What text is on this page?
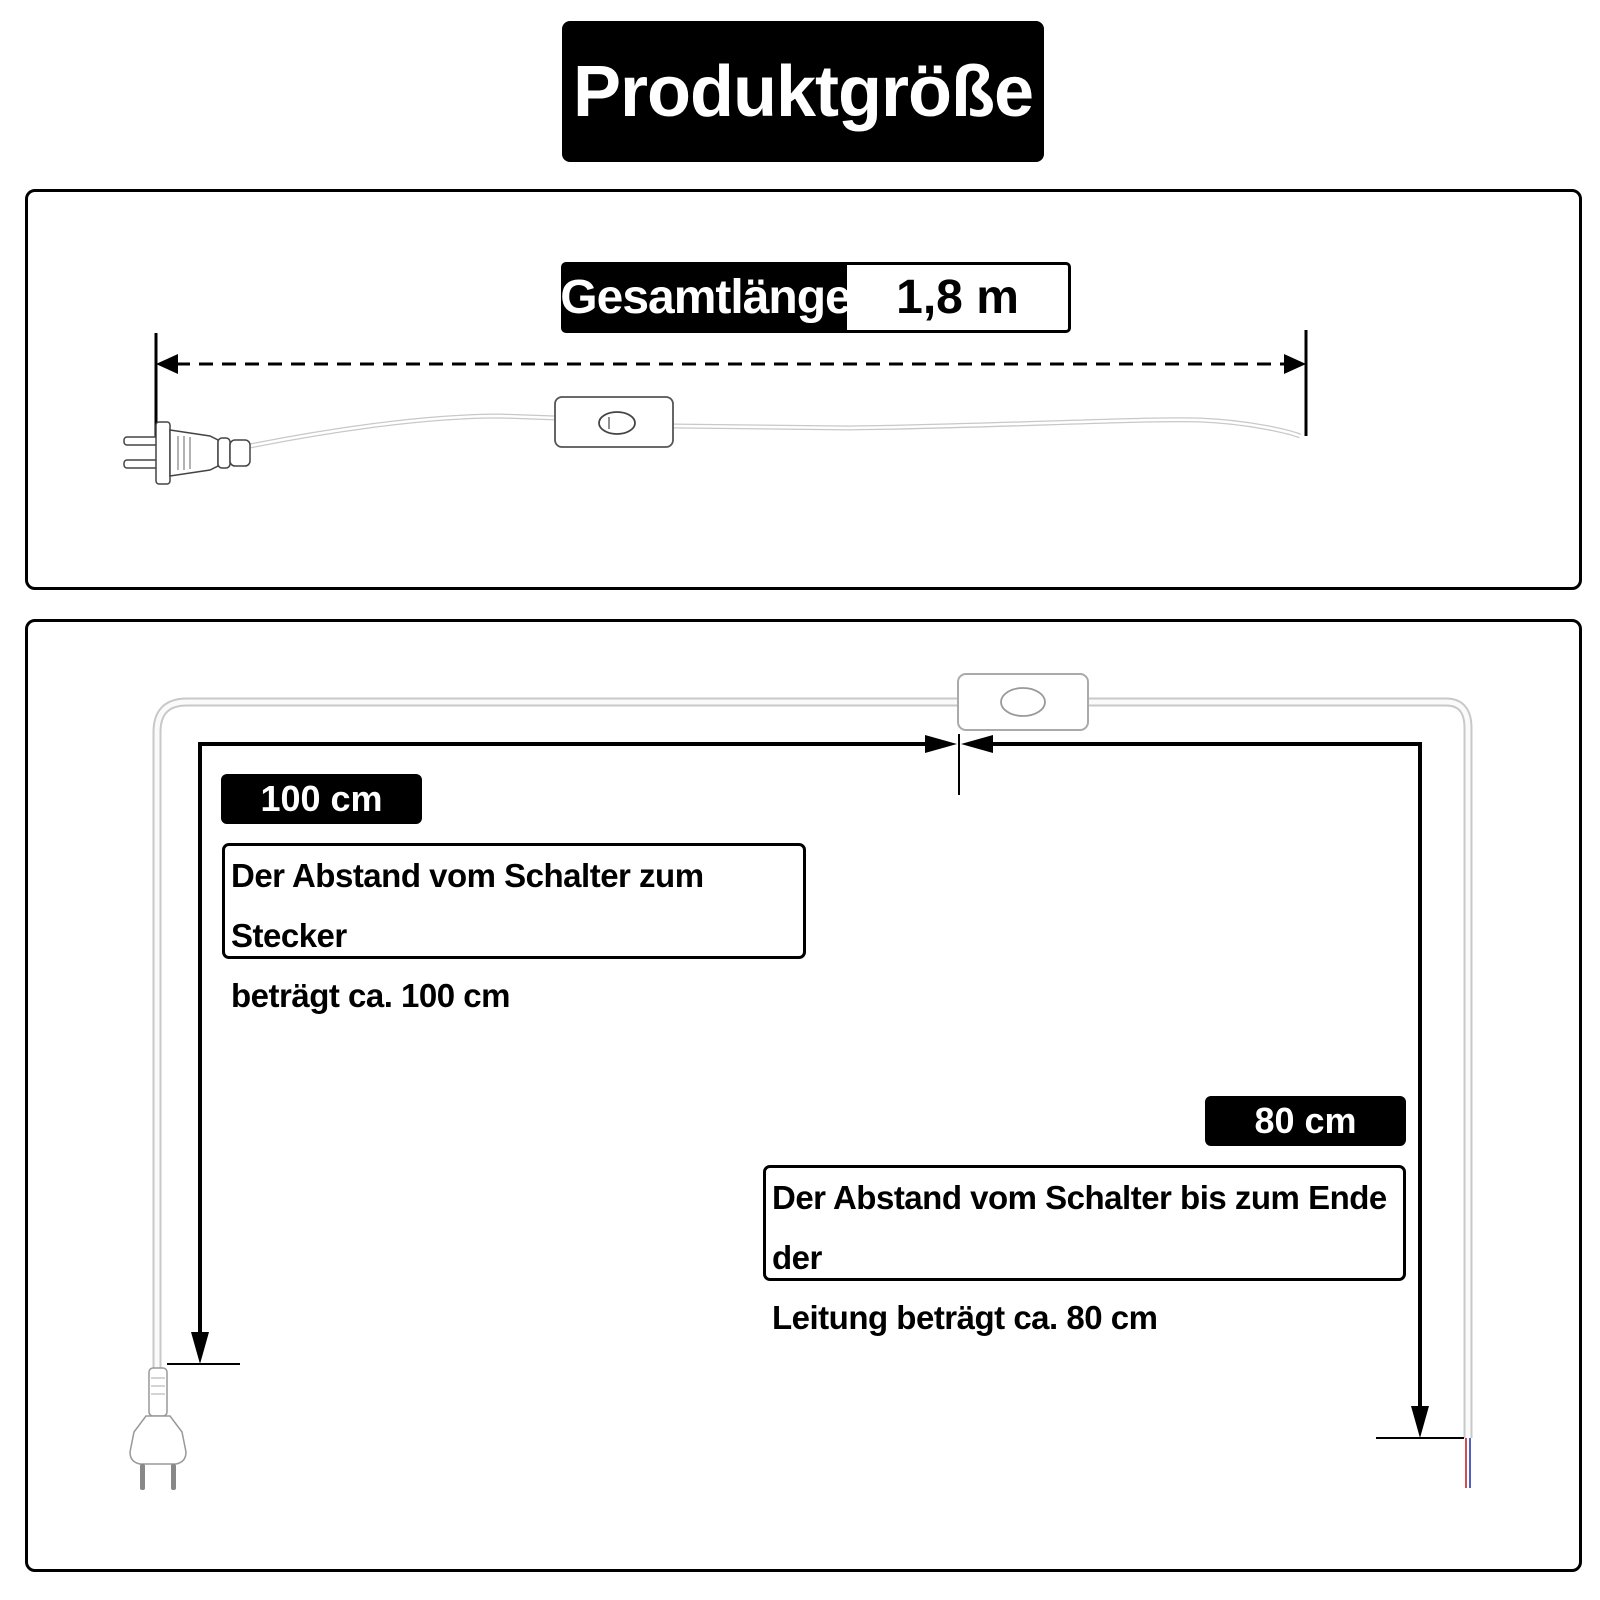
Produktgröße
Gesamtlänge 1,8 m
100 cm
Der Abstand vom Schalter zum Stecker
beträgt ca. 100 cm
80 cm
Der Abstand vom Schalter bis zum Ende der
Leitung beträgt ca. 80 cm
